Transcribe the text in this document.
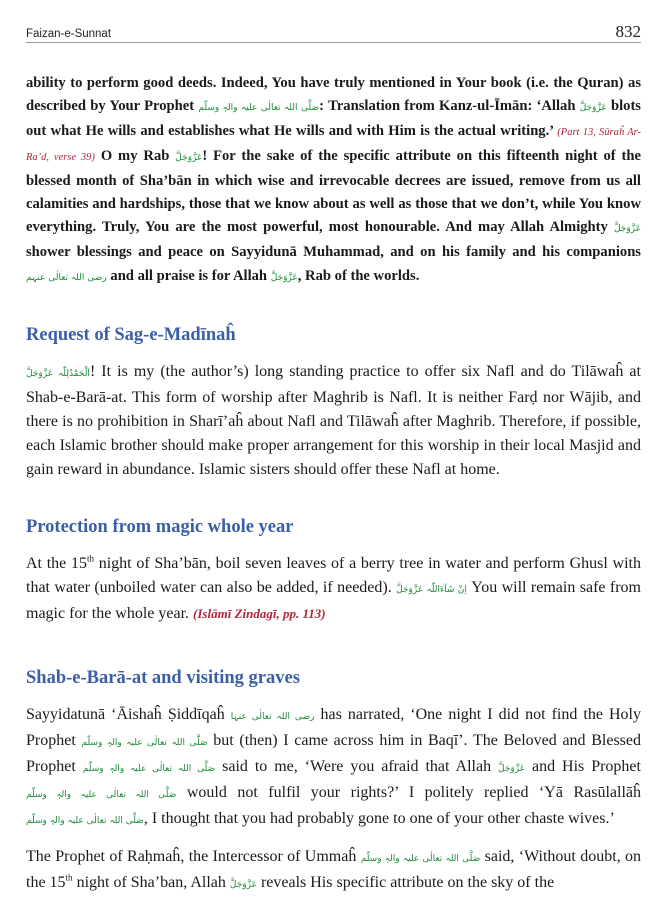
Faizan-e-Sunnat	832

ability to perform good deeds. Indeed, You have truly mentioned in Your book (i.e. the Quran) as described by Your Prophet صَلَّی اللہ تعالٰی علیہ والہٖ وسلّم: Translation from Kanz-ul-Īmān: ‘Allah عَزَّوَجَلَّ blots out what He wills and establishes what He wills and with Him is the actual writing.’ (Part 13, Sūraĥ Ar-Ra’d, verse 39) O my Rab عَزَّوَجَلَّ! For the sake of the specific attribute on this fifteenth night of the blessed month of Sha’bān in which wise and irrevocable decrees are issued, remove from us all calamities and hardships, those that we know about as well as those that we don’t, while You know everything. Truly, You are the most powerful, most honourable. And may Allah Almighty عَزَّوَجَلَّ shower blessings and peace on Sayyidunā Muhammad, and on his family and his companions رضی اللہ تعالٰی عنہم and all praise is for Allah عَزَّوَجَلَّ, Rab of the worlds.

Request of Sag-e-Madīnaĥ

اَلْحَمْدُلِلّٰہ عَزَّوَجَلَّ! It is my (the author’s) long standing practice to offer six Nafl and do Tilāwaĥ at Shab-e-Barā-at. This form of worship after Maghrib is Nafl. It is neither Farḍ nor Wājib, and there is no prohibition in Sharī’aĥ about Nafl and Tilāwaĥ after Maghrib. Therefore, if possible, each Islamic brother should make proper arrangement for this worship in their local Masjid and gain reward in abundance. Islamic sisters should offer these Nafl at home.

Protection from magic whole year

At the 15th night of Sha’bān, boil seven leaves of a berry tree in water and perform Ghusl with that water (unboiled water can also be added, if needed). اِنْ شَآءَاللّٰہ عَزَّوَجَلَّ You will remain safe from magic for the whole year. (Islāmī Zindagī, pp. 113)

Shab-e-Barā-at and visiting graves

Sayyidatunā ‘Āishaĥ Ṣiddīqaĥ رضی اللہ تعالٰی عنہا has narrated, ‘One night I did not find the Holy Prophet صَلَّی اللہ تعالٰی علیہ والہٖ وسلّم but (then) I came across him in Baqī’. The Beloved and Blessed Prophet صَلَّی اللہ تعالٰی علیہ والہٖ وسلّم said to me, ‘Were you afraid that Allah عَزَّوَجَلَّ and His Prophet صَلَّی اللہ تعالٰی علیہ والہٖ وسلّم would not fulfil your rights?’ I politely replied ‘Yā Rasūlallāĥ صَلَّی اللہ تعالٰی علیہ والہٖ وسلّم, I thought that you had probably gone to one of your other chaste wives.’

The Prophet of Raḥmaĥ, the Intercessor of Ummaĥ صَلَّی اللہ تعالٰی علیہ والہٖ وسلّم said, ‘Without doubt, on the 15th night of Sha’ban, Allah عَزَّوَجَلَّ reveals His specific attribute on the sky of the
